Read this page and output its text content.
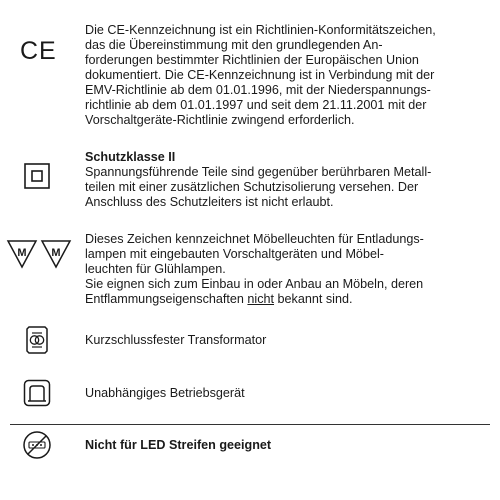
CE
Die CE-Kennzeichnung ist ein Richtlinien-Konformitätszeichen,
das die Übereinstimmung mit den grundlegenden An-
forderungen bestimmter Richtlinien der Europäischen Union
dokumentiert. Die CE-Kennzeichnung ist in Verbindung mit der
EMV-Richtlinie ab dem 01.01.1996, mit der Niederspannungs-
richtlinie ab dem 01.01.1997 und seit dem 21.11.2001 mit der
Vorschaltgeräte-Richtlinie zwingend erforderlich.
Schutzklasse II
Spannungsführende Teile sind gegenüber berührbaren Metall-
teilen mit einer zusätzlichen Schutzisolierung versehen. Der
Anschluss des Schutzleiters ist nicht erlaubt.
M M
Dieses Zeichen kennzeichnet Möbelleuchten für Entladungs-
lampen mit eingebauten Vorschaltgeräten und Möbel-
leuchten für Glühlampen.
Sie eignen sich zum Einbau in oder Anbau an Möbeln, deren
Entflammungseigenschaften nicht bekannt sind.
Kurzschlussfester Transformator
Unabhängiges Betriebsgerät
Nicht für LED Streifen geeignet
